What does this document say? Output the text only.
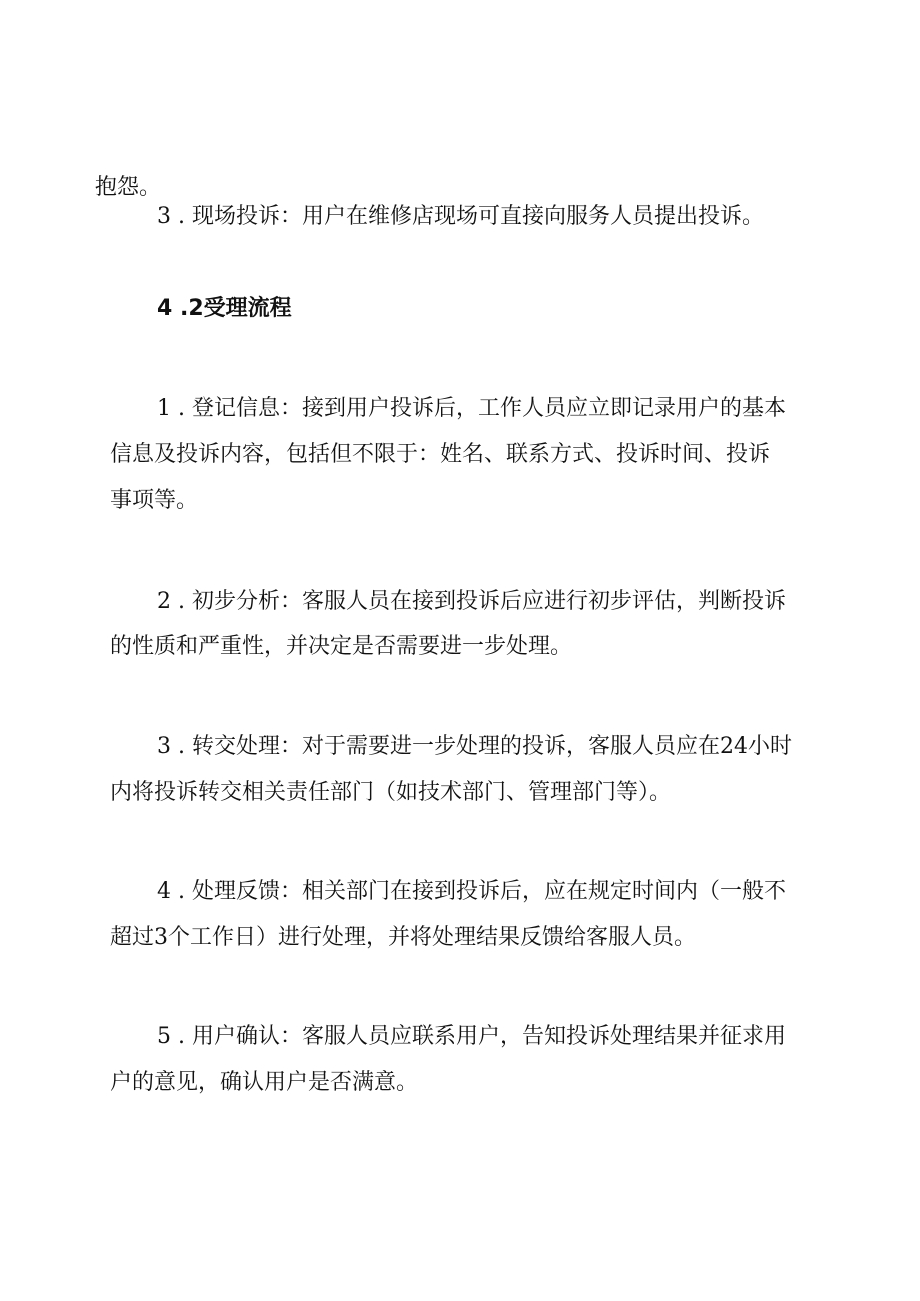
抱怨。
3 . 现场投诉：用户在维修店现场可直接向服务人员提出投诉。
4 .2受理流程
1 . 登记信息：接到用户投诉后，工作人员应立即记录用户的基本
信息及投诉内容，包括但不限于：姓名、联系方式、投诉时间、投诉
事项等。
2 . 初步分析：客服人员在接到投诉后应进行初步评估，判断投诉
的性质和严重性，并决定是否需要进一步处理。
3 . 转交处理：对于需要进一步处理的投诉，客服人员应在24小时
内将投诉转交相关责任部门（如技术部门、管理部门等）。
4 . 处理反馈：相关部门在接到投诉后，应在规定时间内（一般不
超过3个工作日）进行处理，并将处理结果反馈给客服人员。
5 . 用户确认：客服人员应联系用户，告知投诉处理结果并征求用
户的意见，确认用户是否满意。
